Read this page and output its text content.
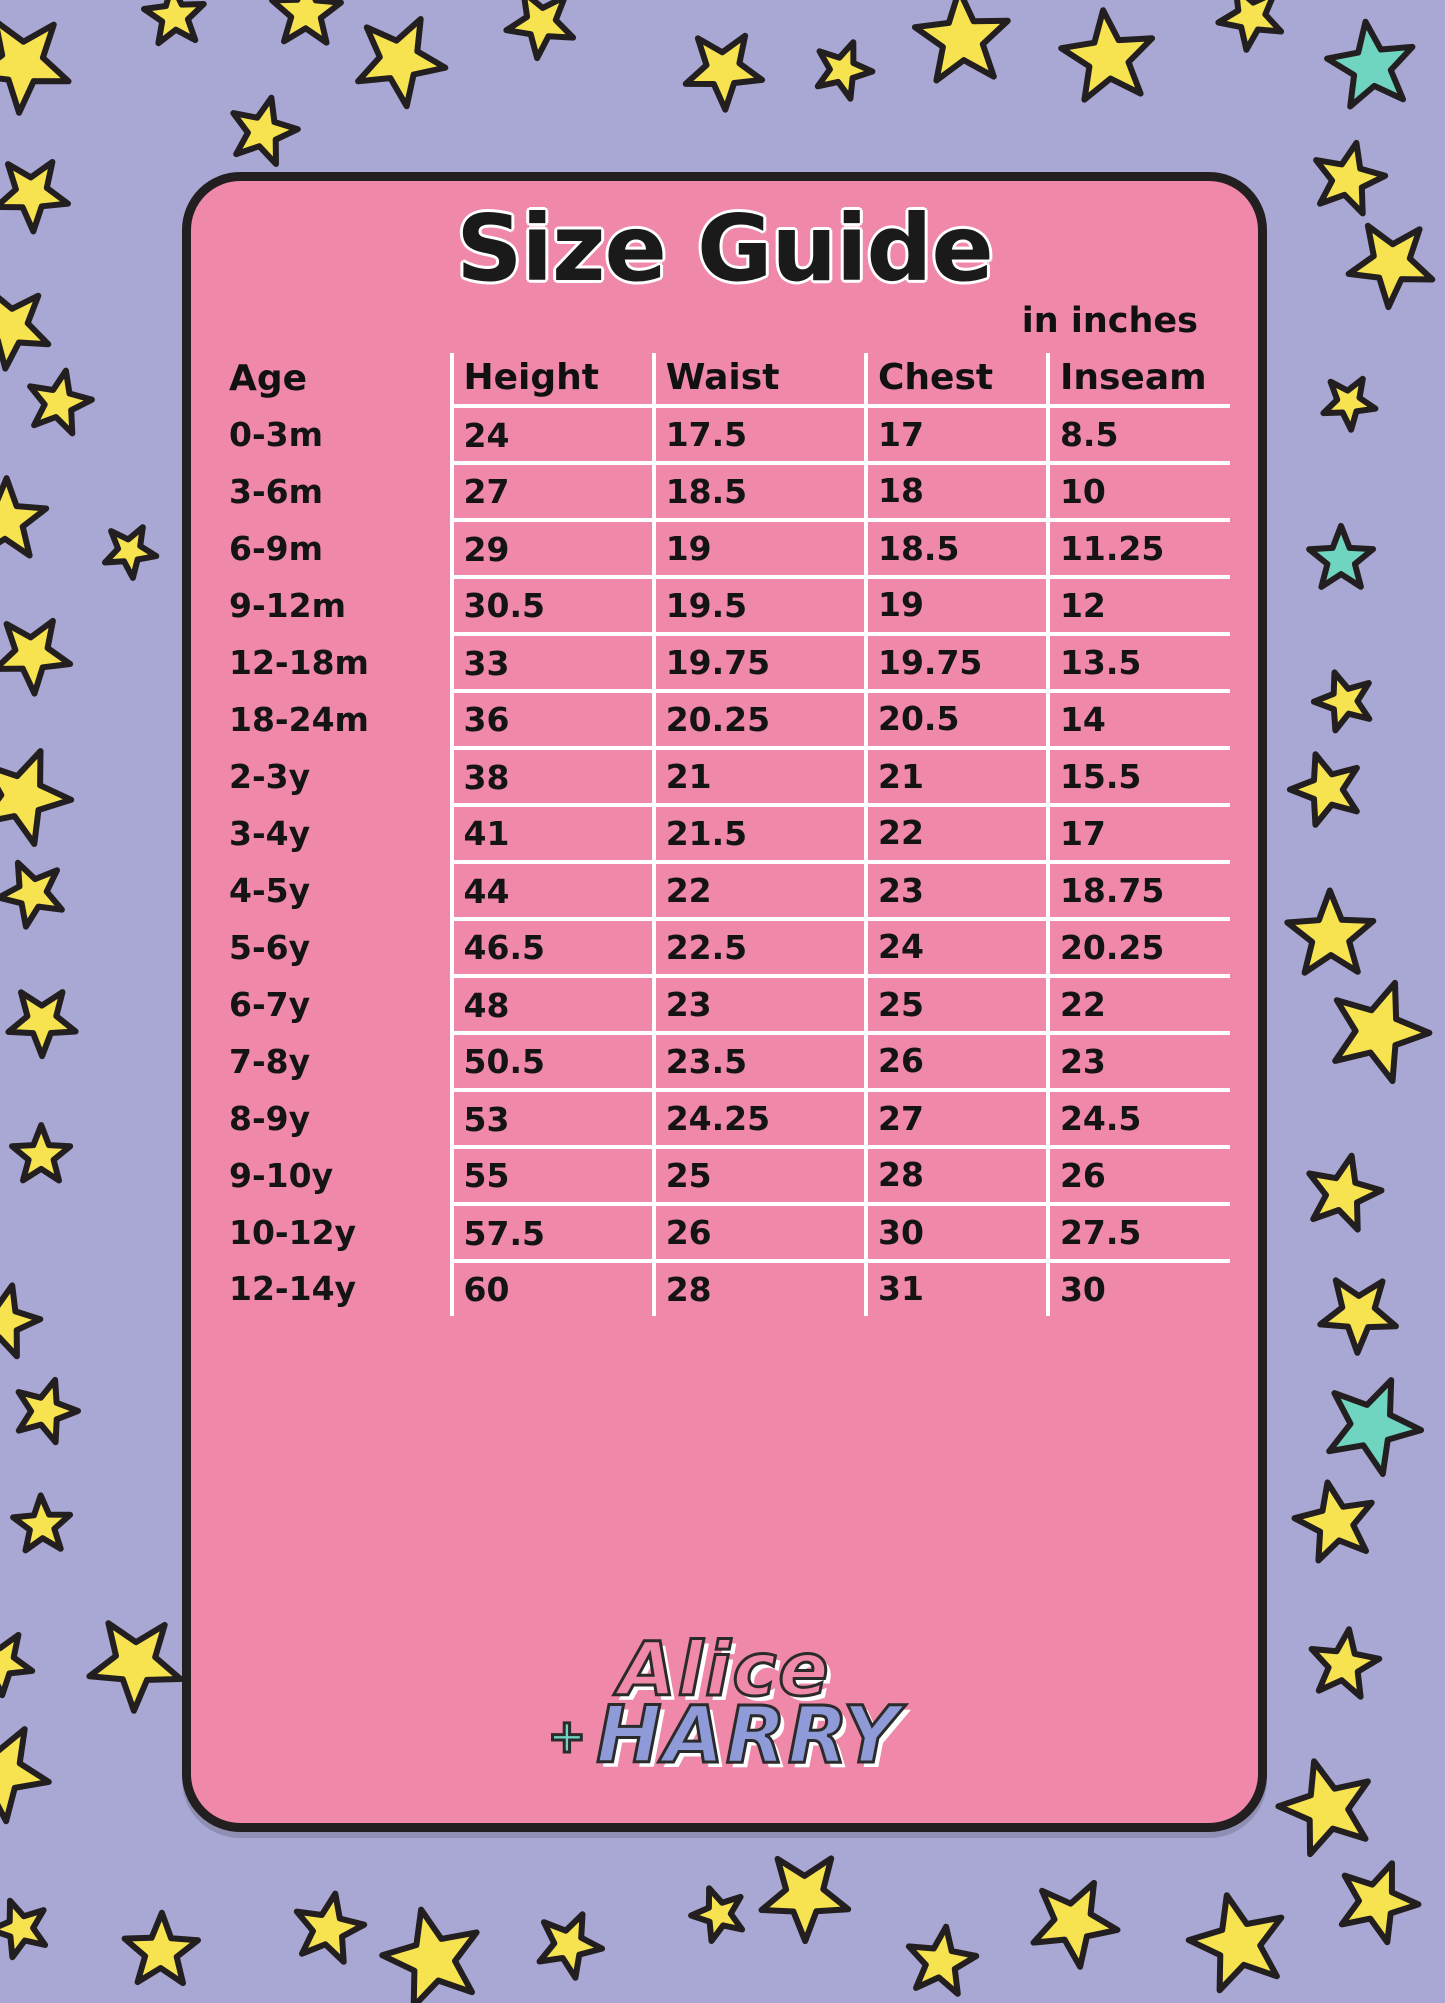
Size Guide
in inches
Age	Height	Waist	Chest	Inseam
0-3m	24	17.5	17	8.5
3-6m	27	18.5	18	10
6-9m	29	19	18.5	11.25
9-12m	30.5	19.5	19	12
12-18m	33	19.75	19.75	13.5
18-24m	36	20.25	20.5	14
2-3y	38	21	21	15.5
3-4y	41	21.5	22	17
4-5y	44	22	23	18.75
5-6y	46.5	22.5	24	20.25
6-7y	48	23	25	22
7-8y	50.5	23.5	26	23
8-9y	53	24.25	27	24.5
9-10y	55	25	28	26
10-12y	57.5	26	30	27.5
12-14y	60	28	31	30
Alice
+ HARRY
